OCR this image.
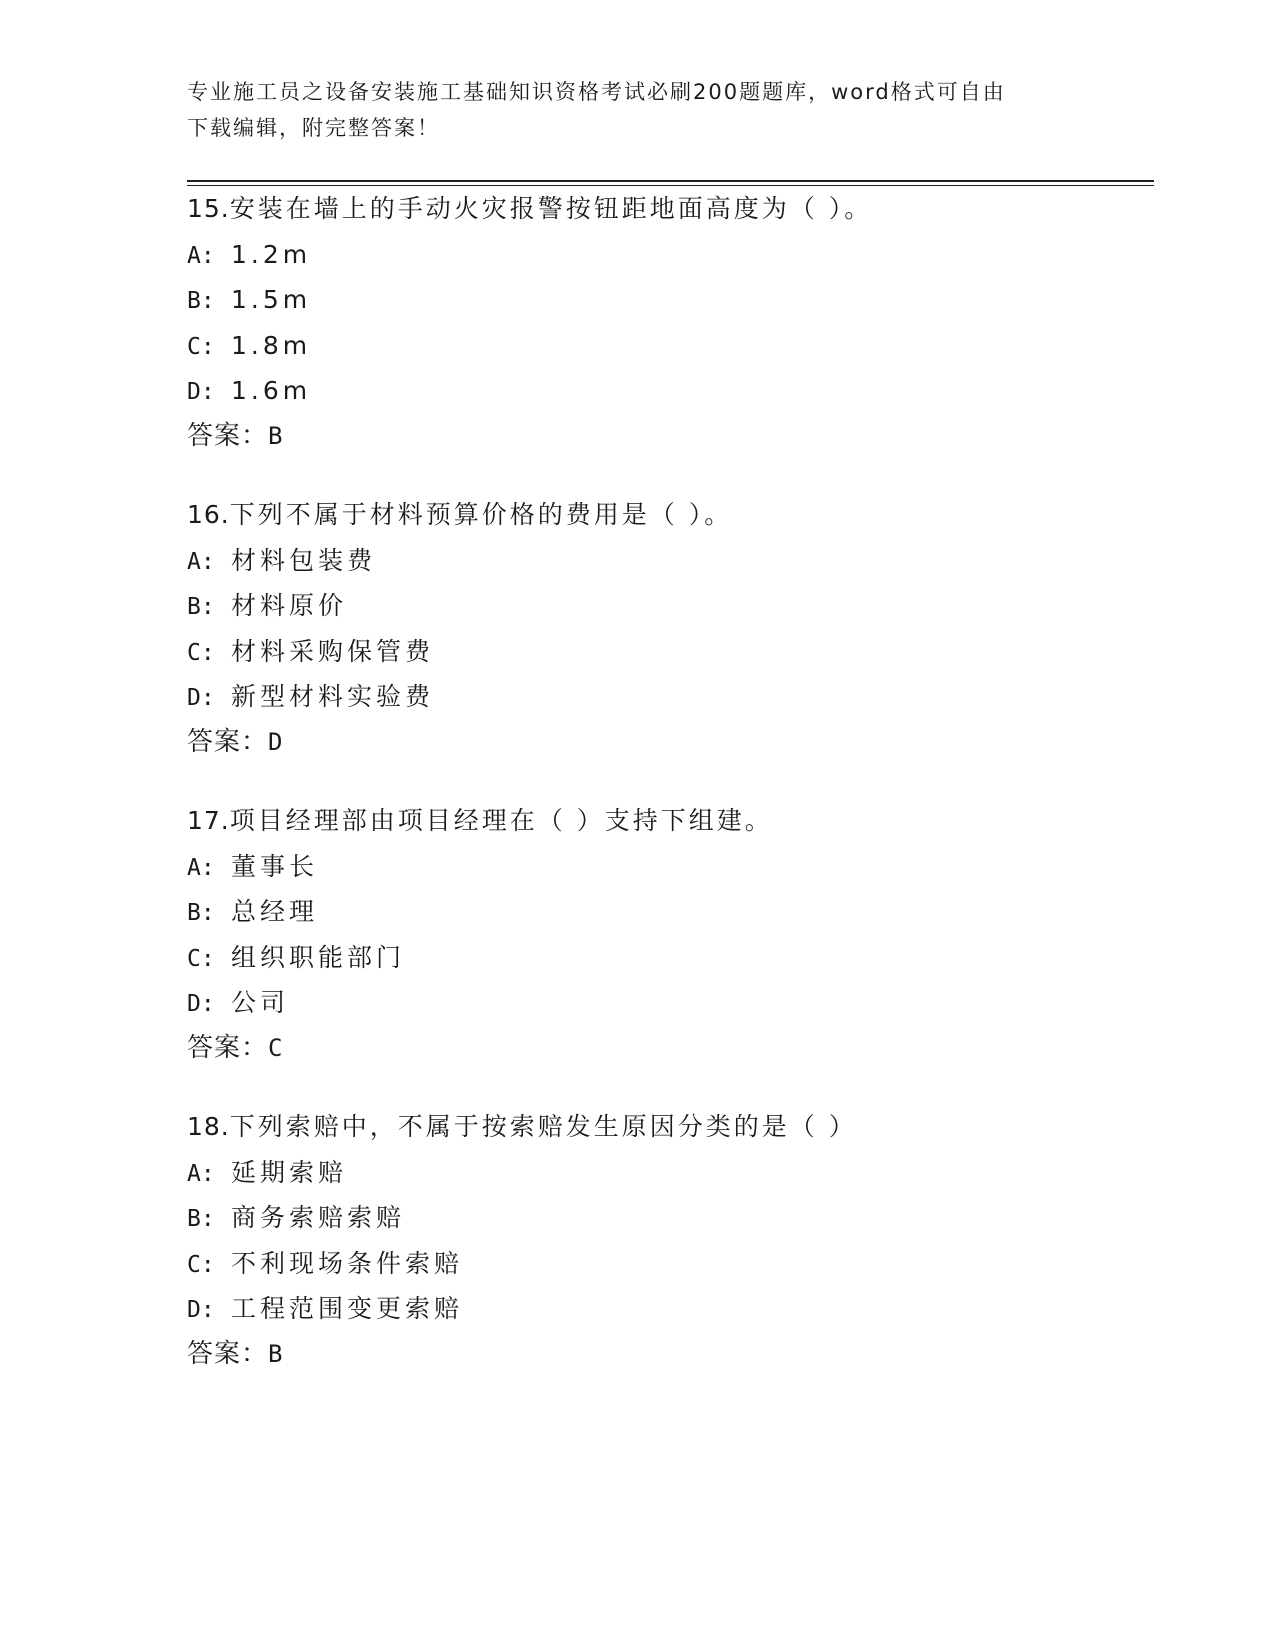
专业施工员之设备安装施工基础知识资格考试必刷200题题库，word格式可自由
下载编辑，附完整答案！
15.安装在墙上的手动火灾报警按钮距地面高度为（ ）。
A: 1.2m
B: 1.5m
C: 1.8m
D: 1.6m
答案：B
16.下列不属于材料预算价格的费用是（ ）。
A: 材料包装费
B: 材料原价
C: 材料采购保管费
D: 新型材料实验费
答案：D
17.项目经理部由项目经理在（ ）支持下组建。
A: 董事长
B: 总经理
C: 组织职能部门
D: 公司
答案：C
18.下列索赔中，不属于按索赔发生原因分类的是（ ）
A: 延期索赔
B: 商务索赔索赔
C: 不利现场条件索赔
D: 工程范围变更索赔
答案：B
